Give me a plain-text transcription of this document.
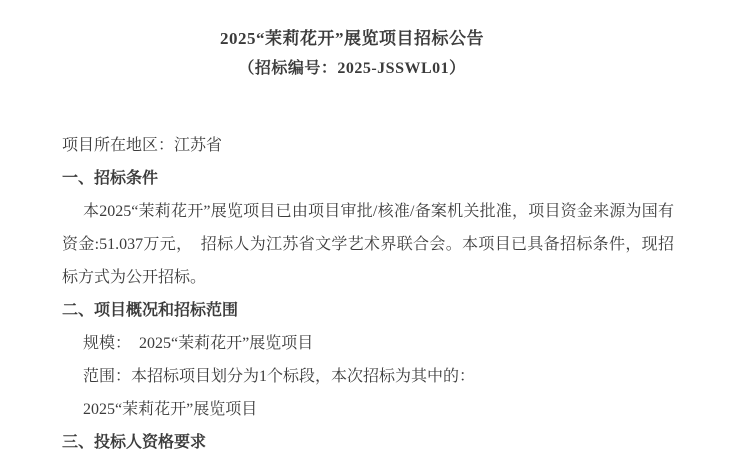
2025“茉莉花开”展览项目招标公告
（招标编号：2025-JSSWL01）

项目所在地区：江苏省

一、招标条件

本2025“茉莉花开”展览项目已由项目审批/核准/备案机关批准，项目资金来源为国有资金:51.037万元，　招标人为江苏省文学艺术界联合会。本项目已具备招标条件，现招标方式为公开招标。

二、项目概况和招标范围

规模：　2025“茉莉花开”展览项目

范围：本招标项目划分为1个标段，本次招标为其中的：

2025“茉莉花开”展览项目

三、投标人资格要求
